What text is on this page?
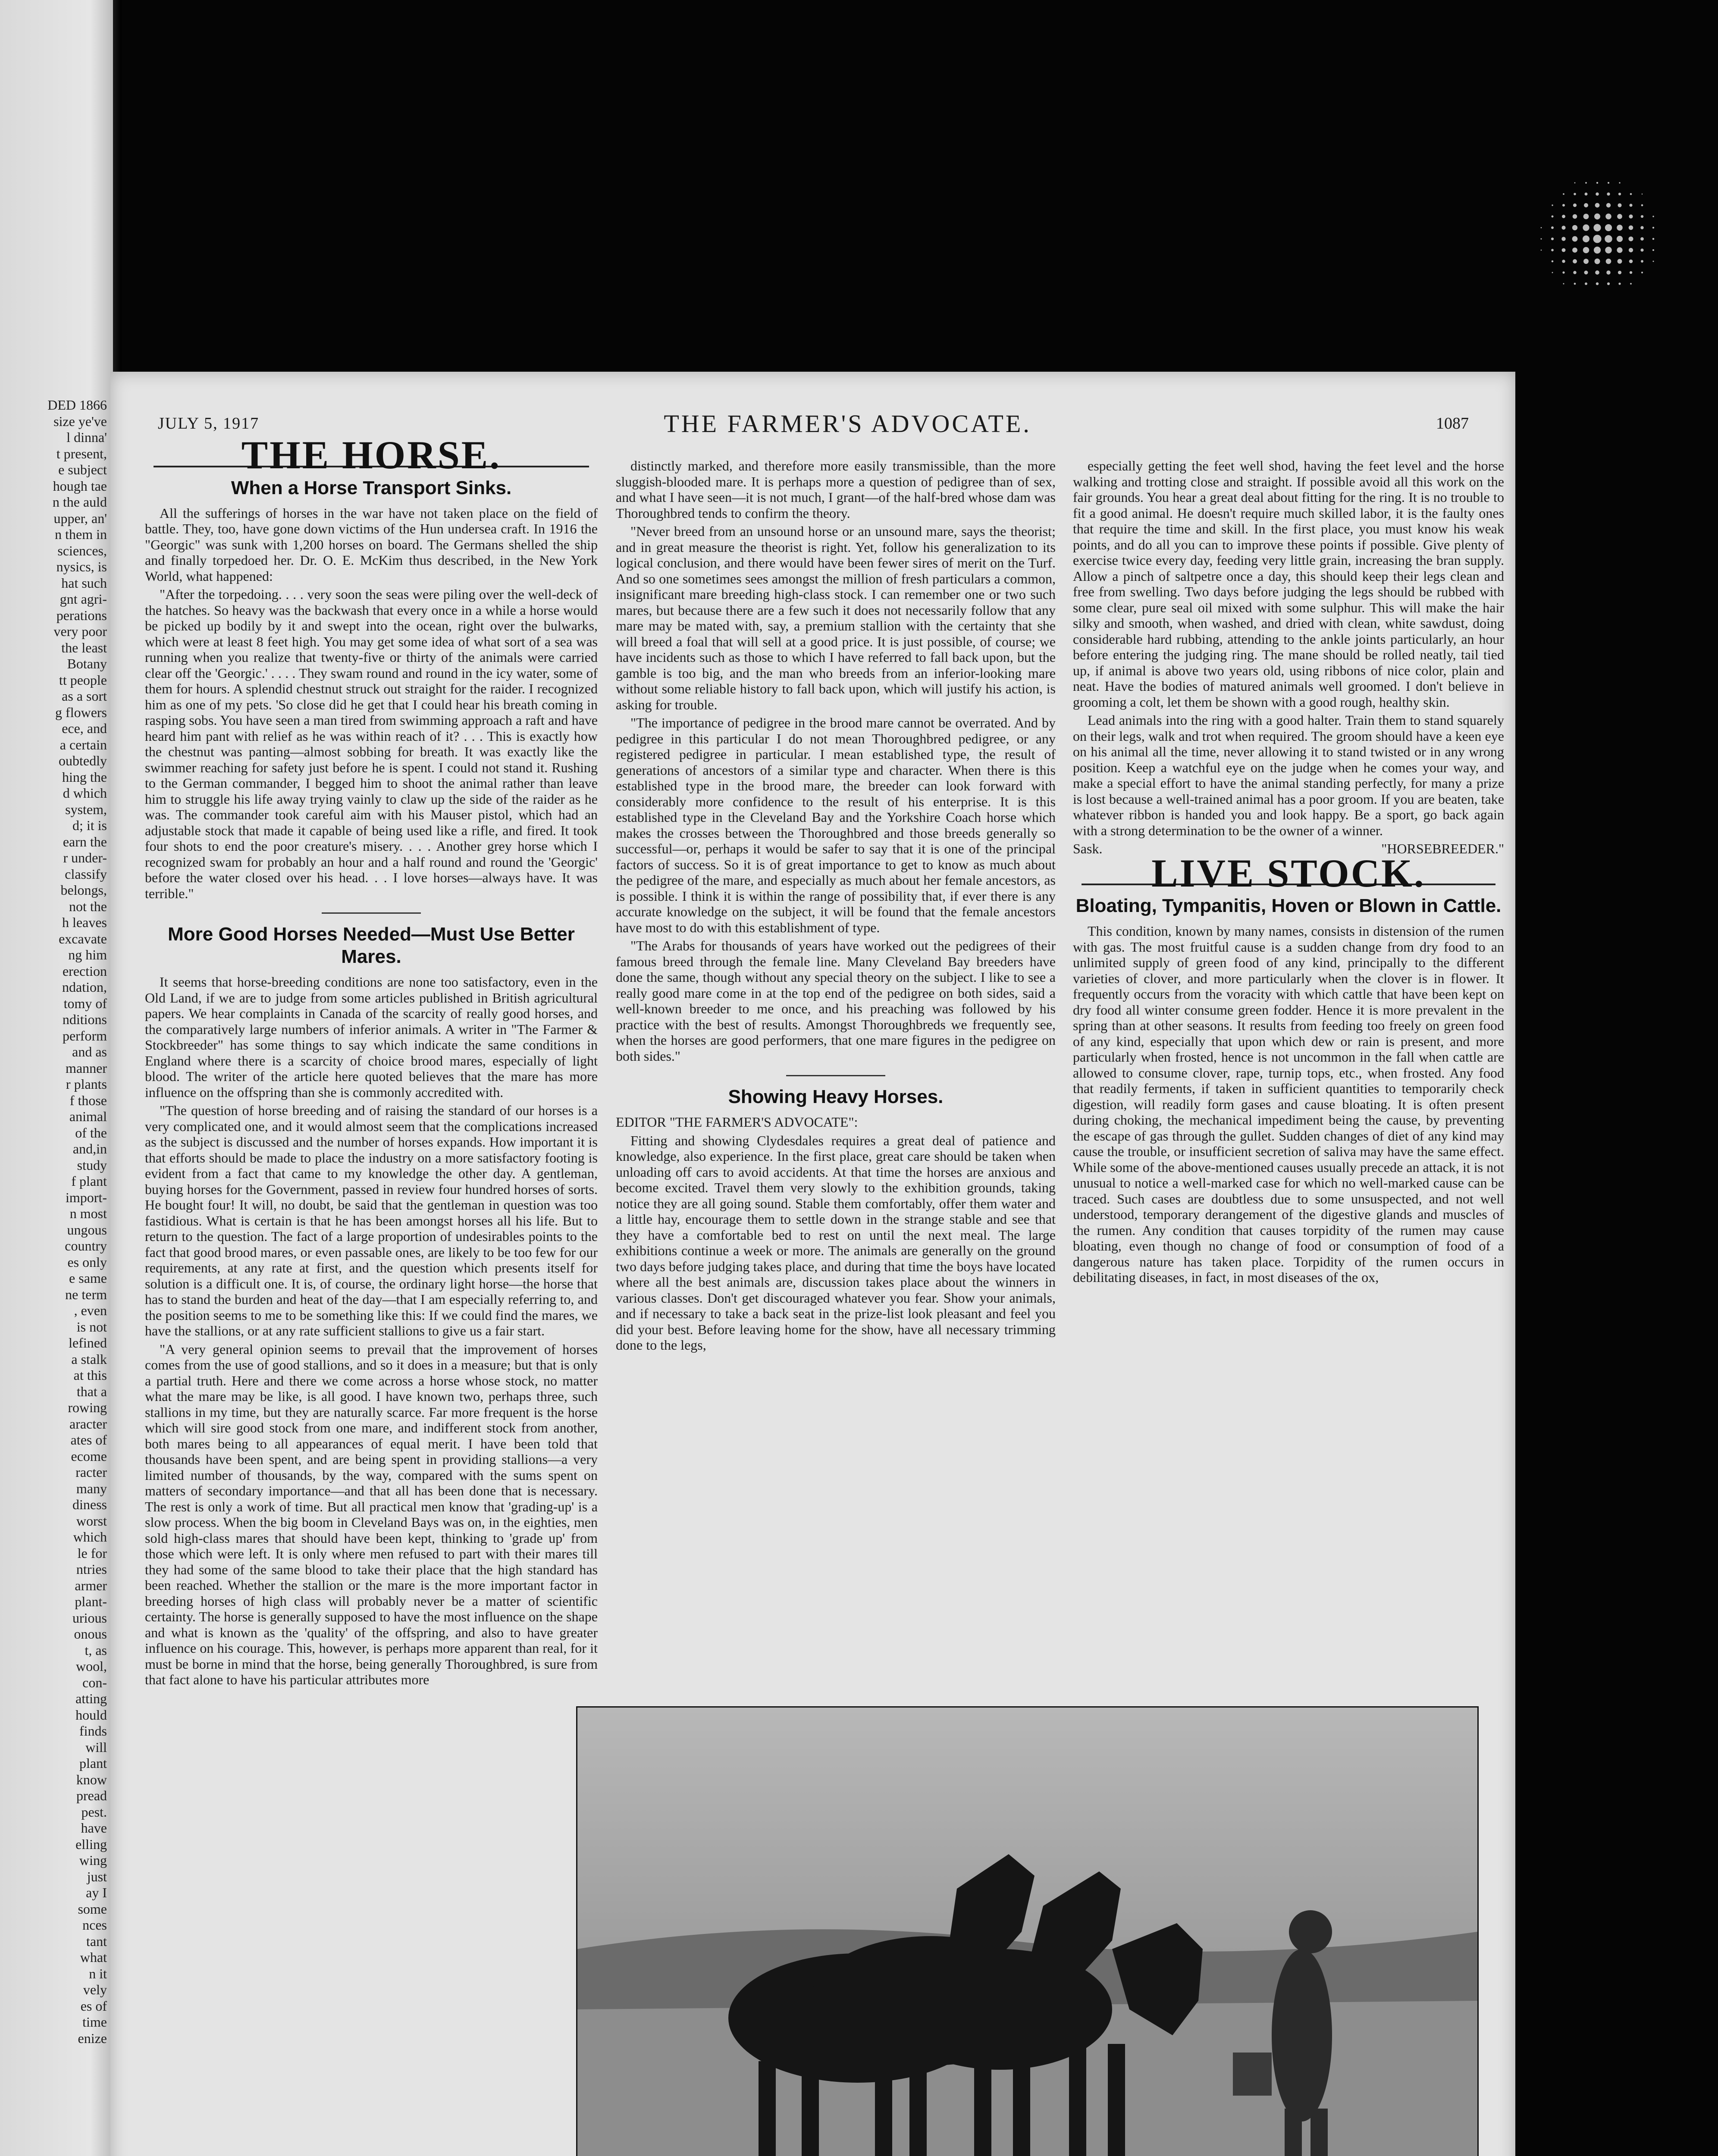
DED 1866
size ye've
l dinna'
t present,
e subject
hough tae
n the auld
upper, an'
n them in
sciences,
nysics, is
hat such
gnt agri-
perations
very poor
the least
Botany
tt people
as a sort
g flowers
ece, and
a certain
oubtedly
hing the
d which
system,
d; it is
earn the
r under-
classify
belongs,
not the
h leaves
excavate
ng him
erection
ndation,
tomy of
nditions
perform
and as
manner
r plants
f those
animal
of the
and,in
study
f plant
import-
n most
ungous
country
es only
e same
ne term
, even
is not
lefined
a stalk
at this
that a
rowing
aracter
ates of
ecome
racter
many
diness
worst
which
le for
ntries
armer
plant-
urious
onous
t, as
wool,
con-
atting
hould
finds
will
plant
know
pread
pest.
have
elling
wing
just
ay I
some
nces
tant
what
n it
vely
es of
time
enize
JULY 5, 1917	THE FARMER'S ADVOCATE.	1087
THE HORSE.
When a Horse Transport Sinks.

All the sufferings of horses in the war have not taken place on the field of battle. They, too, have gone down victims of the Hun undersea craft. In 1916 the "Georgic" was sunk with 1,200 horses on board. The Germans shelled the ship and finally torpedoed her. Dr. O. E. McKim thus described, in the New York World, what happened:

"After the torpedoing. . . . very soon the seas were piling over the well-deck of the hatches. So heavy was the backwash that every once in a while a horse would be picked up bodily by it and swept into the ocean, right over the bulwarks, which were at least 8 feet high. You may get some idea of what sort of a sea was running when you realize that twenty-five or thirty of the animals were carried clear off the 'Georgic.' . . . . They swam round and round in the icy water, some of them for hours. A splendid chestnut struck out straight for the raider. I recognized him as one of my pets. 'So close did he get that I could hear his breath coming in rasping sobs. You have seen a man tired from swimming approach a raft and have heard him pant with relief as he was within reach of it? . . . This is exactly how the chestnut was panting—almost sobbing for breath. It was exactly like the swimmer reaching for safety just before he is spent. I could not stand it. Rushing to the German commander, I begged him to shoot the animal rather than leave him to struggle his life away trying vainly to claw up the side of the raider as he was. The commander took careful aim with his Mauser pistol, which had an adjustable stock that made it capable of being used like a rifle, and fired. It took four shots to end the poor creature's misery. . . . Another grey horse which I recognized swam for probably an hour and a half round and round the 'Georgic' before the water closed over his head. . . I love horses—always have. It was terrible."

More Good Horses Needed—Must Use Better Mares.

It seems that horse-breeding conditions are none too satisfactory, even in the Old Land, if we are to judge from some articles published in British agricultural papers. We hear complaints in Canada of the scarcity of really good horses, and the comparatively large numbers of inferior animals. A writer in "The Farmer & Stockbreeder" has some things to say which indicate the same conditions in England where there is a scarcity of choice brood mares, especially of light blood. The writer of the article here quoted believes that the mare has more influence on the offspring than she is commonly accredited with.

"The question of horse breeding and of raising the standard of our horses is a very complicated one, and it would almost seem that the complications increased as the subject is discussed and the number of horses expands. How important it is that efforts should be made to place the industry on a more satisfactory footing is evident from a fact that came to my knowledge the other day. A gentleman, buying horses for the Government, passed in review four hundred horses of sorts. He bought four! It will, no doubt, be said that the gentleman in question was too fastidious. What is certain is that he has been amongst horses all his life. But to return to the question. The fact of a large proportion of undesirables points to the fact that good brood mares, or even passable ones, are likely to be too few for our requirements, at any rate at first, and the question which presents itself for solution is a difficult one. It is, of course, the ordinary light horse—the horse that has to stand the burden and heat of the day—that I am especially referring to, and the position seems to me to be something like this: If we could find the mares, we have the stallions, or at any rate sufficient stallions to give us a fair start.

"A very general opinion seems to prevail that the improvement of horses comes from the use of good stallions, and so it does in a measure; but that is only a partial truth. Here and there we come across a horse whose stock, no matter what the mare may be like, is all good. I have known two, perhaps three, such stallions in my time, but they are naturally scarce. Far more frequent is the horse which will sire good stock from one mare, and indifferent stock from another, both mares being to all appearances of equal merit. I have been told that thousands have been spent, and are being spent in providing stallions—a very limited number of thousands, by the way, compared with the sums spent on matters of secondary importance—and that all has been done that is necessary. The rest is only a work of time. But all practical men know that 'grading-up' is a slow process. When the big boom in Cleveland Bays was on, in the eighties, men sold high-class mares that should have been kept, thinking to 'grade up' from those which were left. It is only where men refused to part with their mares till they had some of the same blood to take their place that the high standard has been reached. Whether the stallion or the mare is the more important factor in breeding horses of high class will probably never be a matter of scientific certainty. The horse is generally supposed to have the most influence on the shape and what is known as the 'quality' of the offspring, and also to have greater influence on his courage. This, however, is perhaps more apparent than real, for it must be borne in mind that the horse, being generally Thoroughbred, is sure from that fact alone to have his particular attributes more

distinctly marked, and therefore more easily transmissible, than the more sluggish-blooded mare. It is perhaps more a question of pedigree than of sex, and what I have seen—it is not much, I grant—of the half-bred whose dam was Thoroughbred tends to confirm the theory.

"Never breed from an unsound horse or an unsound mare, says the theorist; and in great measure the theorist is right. Yet, follow his generalization to its logical conclusion, and there would have been fewer sires of merit on the Turf. And so one sometimes sees amongst the million of fresh particulars a common, insignificant mare breeding high-class stock. I can remember one or two such mares, but because there are a few such it does not necessarily follow that any mare may be mated with, say, a premium stallion with the certainty that she will breed a foal that will sell at a good price. It is just possible, of course; we have incidents such as those to which I have referred to fall back upon, but the gamble is too big, and the man who breeds from an inferior-looking mare without some reliable history to fall back upon, which will justify his action, is asking for trouble.

"The importance of pedigree in the brood mare cannot be overrated. And by pedigree in this particular I do not mean Thoroughbred pedigree, or any registered pedigree in particular. I mean established type, the result of generations of ancestors of a similar type and character. When there is this established type in the brood mare, the breeder can look forward with considerably more confidence to the result of his enterprise. It is this established type in the Cleveland Bay and the Yorkshire Coach horse which makes the crosses between the Thoroughbred and those breeds generally so successful—or, perhaps it would be safer to say that it is one of the principal factors of success. So it is of great importance to get to know as much about the pedigree of the mare, and especially as much about her female ancestors, as is possible. I think it is within the range of possibility that, if ever there is any accurate knowledge on the subject, it will be found that the female ancestors have most to do with this establishment of type.

"The Arabs for thousands of years have worked out the pedigrees of their famous breed through the female line. Many Cleveland Bay breeders have done the same, though without any special theory on the subject. I like to see a really good mare come in at the top end of the pedigree on both sides, said a well-known breeder to me once, and his preaching was followed by his practice with the best of results. Amongst Thoroughbreds we frequently see, when the horses are good performers, that one mare figures in the pedigree on both sides."

Showing Heavy Horses.

EDITOR "THE FARMER'S ADVOCATE":

Fitting and showing Clydesdales requires a great deal of patience and knowledge, also experience. In the first place, great care should be taken when unloading off cars to avoid accidents. At that time the horses are anxious and become excited. Travel them very slowly to the exhibition grounds, taking notice they are all going sound. Stable them comfortably, offer them water and a little hay, encourage them to settle down in the strange stable and see that they have a comfortable bed to rest on until the next meal. The large exhibitions continue a week or more. The animals are generally on the ground two days before judging takes place, and during that time the boys have located where all the best animals are, discussion takes place about the winners in various classes. Don't get discouraged whatever you fear. Show your animals, and if necessary to take a back seat in the prize-list look pleasant and feel you did your best. Before leaving home for the show, have all necessary trimming done to the legs,

especially getting the feet well shod, having the feet level and the horse walking and trotting close and straight. If possible avoid all this work on the fair grounds. You hear a great deal about fitting for the ring. It is no trouble to fit a good animal. He doesn't require much skilled labor, it is the faulty ones that require the time and skill. In the first place, you must know his weak points, and do all you can to improve these points if possible. Give plenty of exercise twice every day, feeding very little grain, increasing the bran supply. Allow a pinch of saltpetre once a day, this should keep their legs clean and free from swelling. Two days before judging the legs should be rubbed with some clear, pure seal oil mixed with some sulphur. This will make the hair silky and smooth, when washed, and dried with clean, white sawdust, doing considerable hard rubbing, attending to the ankle joints particularly, an hour before entering the judging ring. The mane should be rolled neatly, tail tied up, if animal is above two years old, using ribbons of nice color, plain and neat. Have the bodies of matured animals well groomed. I don't believe in grooming a colt, let them be shown with a good rough, healthy skin.

Lead animals into the ring with a good halter. Train them to stand squarely on their legs, walk and trot when required. The groom should have a keen eye on his animal all the time, never allowing it to stand twisted or in any wrong position. Keep a watchful eye on the judge when he comes your way, and make a special effort to have the animal standing perfectly, for many a prize is lost because a well-trained animal has a poor groom. If you are beaten, take whatever ribbon is handed you and look happy. Be a sport, go back again with a strong determination to be the owner of a winner.

Sask.	"HORSEBREEDER."

LIVE STOCK.
Bloating, Tympanitis, Hoven or Blown in Cattle.

This condition, known by many names, consists in distension of the rumen with gas. The most fruitful cause is a sudden change from dry food to an unlimited supply of green food of any kind, principally to the different varieties of clover, and more particularly when the clover is in flower. It frequently occurs from the voracity with which cattle that have been kept on dry food all winter consume green fodder. Hence it is more prevalent in the spring than at other seasons. It results from feeding too freely on green food of any kind, especially that upon which dew or rain is present, and more particularly when frosted, hence is not uncommon in the fall when cattle are allowed to consume clover, rape, turnip tops, etc., when frosted. Any food that readily ferments, if taken in sufficient quantities to temporarily check digestion, will readily form gases and cause bloating. It is often present during choking, the mechanical impediment being the cause, by preventing the escape of gas through the gullet. Sudden changes of diet of any kind may cause the trouble, or insufficient secretion of saliva may have the same effect. While some of the above-mentioned causes usually precede an attack, it is not unusual to notice a well-marked case for which no well-marked cause can be traced. Such cases are doubtless due to some unsuspected, and not well understood, temporary derangement of the digestive glands and muscles of the rumen. Any condition that causes torpidity of the rumen may cause bloating, even though no change of food or consumption of food of a dangerous nature has taken place. Torpidity of the rumen occurs in debilitating diseases, in fact, in most diseases of the ox,
